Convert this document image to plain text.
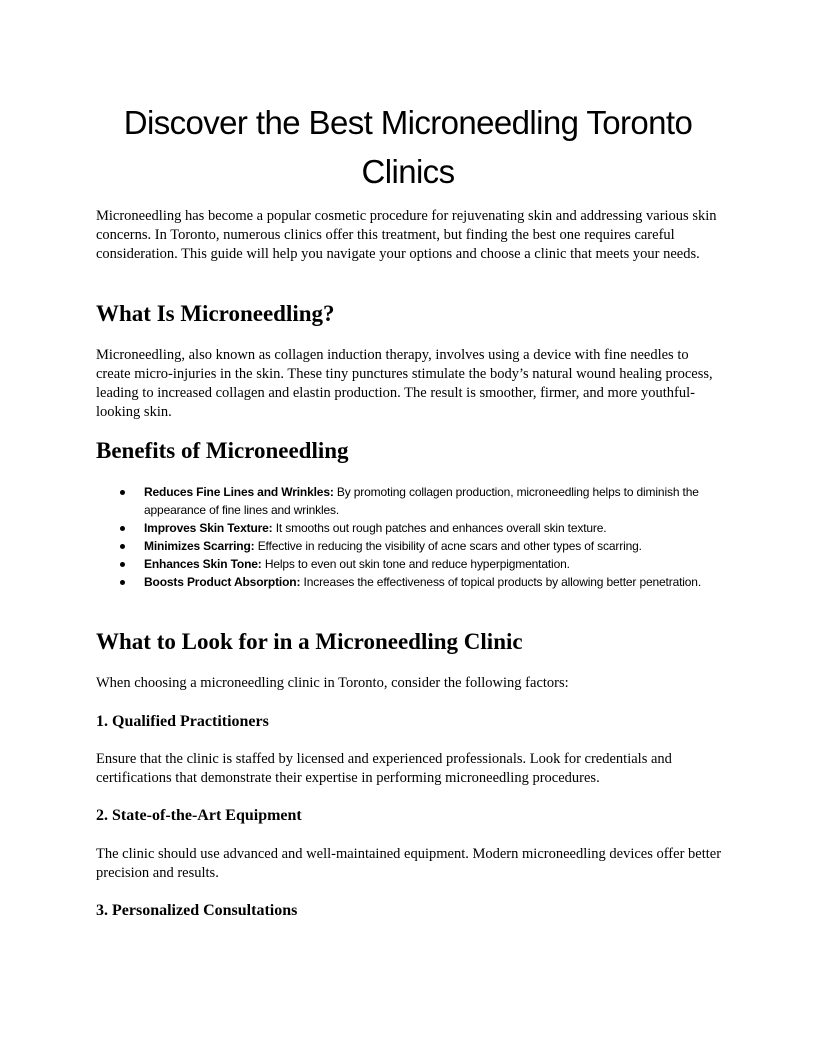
Discover the Best Microneedling Toronto Clinics

Microneedling has become a popular cosmetic procedure for rejuvenating skin and addressing various skin concerns. In Toronto, numerous clinics offer this treatment, but finding the best one requires careful consideration. This guide will help you navigate your options and choose a clinic that meets your needs.

What Is Microneedling?

Microneedling, also known as collagen induction therapy, involves using a device with fine needles to create micro-injuries in the skin. These tiny punctures stimulate the body’s natural wound healing process, leading to increased collagen and elastin production. The result is smoother, firmer, and more youthful-looking skin.

Benefits of Microneedling
Reduces Fine Lines and Wrinkles: By promoting collagen production, microneedling helps to diminish the appearance of fine lines and wrinkles.
Improves Skin Texture: It smooths out rough patches and enhances overall skin texture.
Minimizes Scarring: Effective in reducing the visibility of acne scars and other types of scarring.
Enhances Skin Tone: Helps to even out skin tone and reduce hyperpigmentation.
Boosts Product Absorption: Increases the effectiveness of topical products by allowing better penetration.
What to Look for in a Microneedling Clinic

When choosing a microneedling clinic in Toronto, consider the following factors:

1. Qualified Practitioners

Ensure that the clinic is staffed by licensed and experienced professionals. Look for credentials and certifications that demonstrate their expertise in performing microneedling procedures.

2. State-of-the-Art Equipment

The clinic should use advanced and well-maintained equipment. Modern microneedling devices offer better precision and results.

3. Personalized Consultations
